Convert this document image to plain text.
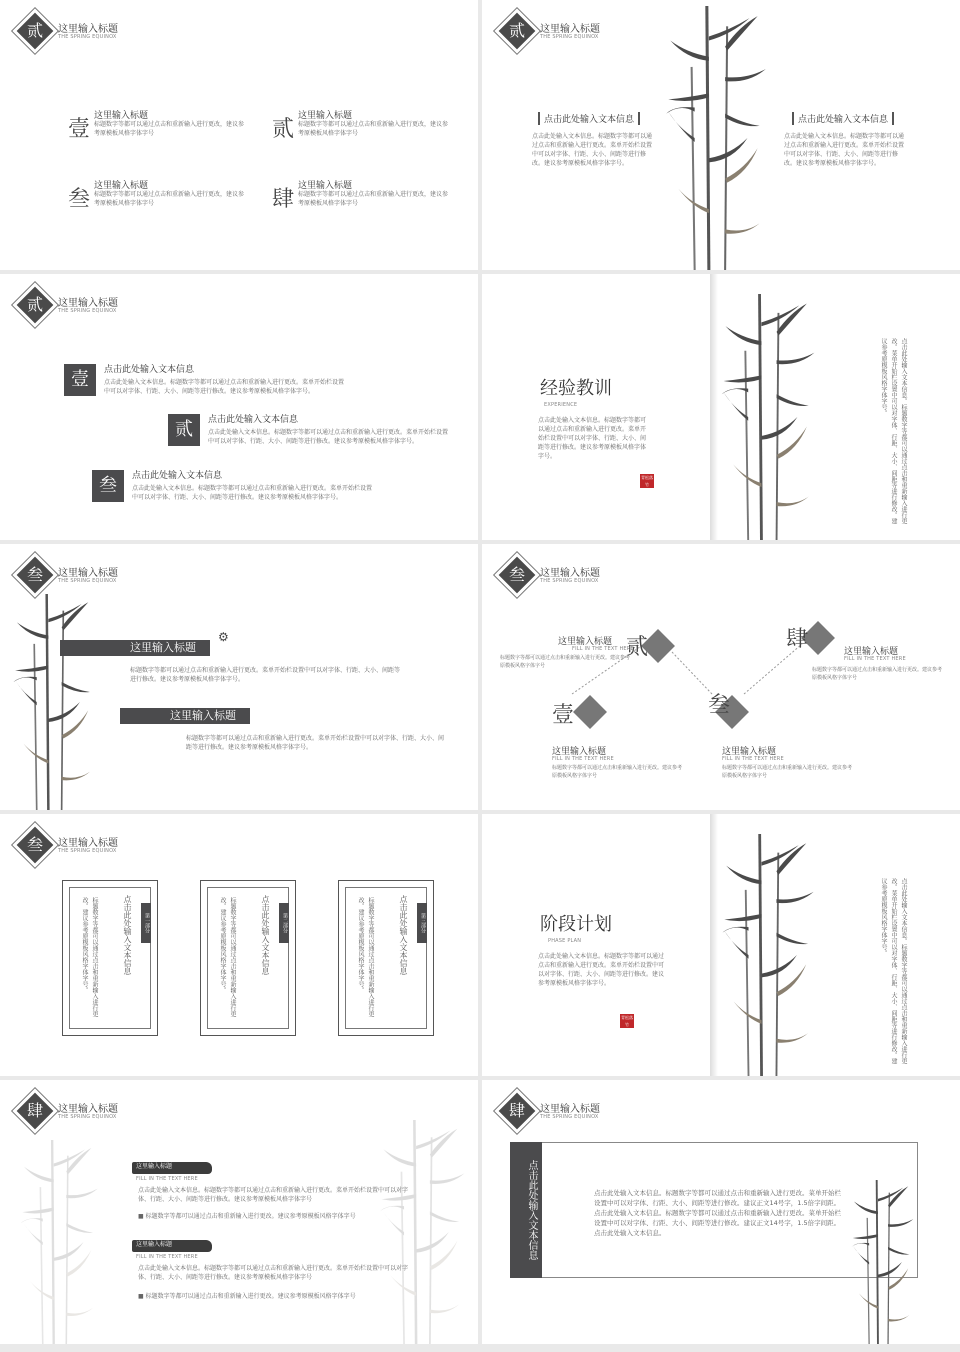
贰	这里输入标题
THE SPRING EQUINOX
壹
这里输入标题
标题数字等都可以通过点击和重新输入进行更改，建议参考原模板风格字体字号	贰
这里输入标题
标题数字等都可以通过点击和重新输入进行更改，建议参考原模板风格字体字号
叁
这里输入标题
标题数字等都可以通过点击和重新输入进行更改，建议参考原模板风格字体字号	肆
这里输入标题
标题数字等都可以通过点击和重新输入进行更改，建议参考原模板风格字体字号
贰	这里输入标题
THE SPRING EQUINOX
点击此处输入文本信息
点击此处输入文本信息。标题数字等都可以通过点击和重新输入进行更改。菜单开始栏设置中可以对字体、行距、大小、间距等进行修改。建议参考原模板风格字体字号。
点击此处输入文本信息
点击此处输入文本信息。标题数字等都可以通过点击和重新输入进行更改。菜单开始栏设置中可以对字体、行距、大小、间距等进行修改。建议参考原模板风格字体字号。
贰	这里输入标题
THE SPRING EQUINOX
壹	点击此处输入文本信息
点击此处输入文本信息。标题数字等都可以通过点击和重新输入进行更改。菜单开始栏设置中可以对字体、行距、大小、间距等进行修改。建议参考原模板风格字体字号。
贰	点击此处输入文本信息
点击此处输入文本信息。标题数字等都可以通过点击和重新输入进行更改。菜单开始栏设置中可以对字体、行距、大小、间距等进行修改。建议参考原模板风格字体字号。
叁	点击此处输入文本信息
点击此处输入文本信息。标题数字等都可以通过点击和重新输入进行更改。菜单开始栏设置中可以对字体、行距、大小、间距等进行修改。建议参考原模板风格字体字号。
经验教训
EXPERIENCE
点击此处输入文本信息。标题数字等都可以通过点击和重新输入进行更改。菜单开始栏设置中可以对字体、行距、大小、间距等进行修改。建议参考原模板风格字体字号。
青松落竹	点击此处输入文本信息。标题数字等都可以通过点击和重新输入进行更改。菜单开始栏设置中可以对字体、行距、大小、间距等进行修改。建议参考原模板风格字体字号。
叁	这里输入标题
THE SPRING EQUINOX
这里输入标题
⚙
标题数字等都可以通过点击和重新输入进行更改。菜单开始栏设置中可以对字体、行距、大小、间距等进行修改。建议参考原模板风格字体字号。
这里输入标题
标题数字等都可以通过点击和重新输入进行更改。菜单开始栏设置中可以对字体、行距、大小、间距等进行修改。建议参考原模板风格字体字号。
叁	这里输入标题
THE SPRING EQUINOX
壹
贰
叁
肆
这里输入标题
FILL IN THE TEXT HERE
标题数字等都可以通过点击和重新输入进行更改。建议参考原模板风格字体字号
这里输入标题
FILL IN THE TEXT HERE
标题数字等都可以通过点击和重新输入进行更改。建议参考原模板风格字体字号
这里输入标题
FILL IN THE TEXT HERE
标题数字等都可以通过点击和重新输入进行更改。建议参考原模板风格字体字号
这里输入标题
FILL IN THE TEXT HERE
标题数字等都可以通过点击和重新输入进行更改。建议参考原模板风格字体字号
叁	这里输入标题
THE SPRING EQUINOX
第一部分
点击此处输入文本信息
标题数字等都可以通过点击和重新输入进行更改。建议参考原模板风格字体字号。	第二部分
点击此处输入文本信息
标题数字等都可以通过点击和重新输入进行更改。建议参考原模板风格字体字号。	第三部分
点击此处输入文本信息
标题数字等都可以通过点击和重新输入进行更改。建议参考原模板风格字体字号。	阶段计划
PHASE PLAN
点击此处输入文本信息。标题数字等都可以通过点击和重新输入进行更改。菜单开始栏设置中可以对字体、行距、大小、间距等进行修改。建议参考原模板风格字体字号。
青松落竹	点击此处输入文本信息。标题数字等都可以通过点击和重新输入进行更改。菜单开始栏设置中可以对字体、行距、大小、间距等进行修改。建议参考原模板风格字体字号。
肆	这里输入标题
THE SPRING EQUINOX
这里输入标题
FILL IN THE TEXT HERE
点击此处输入文本信息。标题数字等都可以通过点击和重新输入进行更改。菜单开始栏设置中可以对字体、行距、大小、间距等进行修改。建议参考原模板风格字体字号
■ 标题数字等都可以通过点击和重新输入进行更改。建议参考原模板风格字体字号
这里输入标题
FILL IN THE TEXT HERE
点击此处输入文本信息。标题数字等都可以通过点击和重新输入进行更改。菜单开始栏设置中可以对字体、行距、大小、间距等进行修改。建议参考原模板风格字体字号
■ 标题数字等都可以通过点击和重新输入进行更改。建议参考原模板风格字体字号
肆	这里输入标题
THE SPRING EQUINOX
点击此处输入文本信息	点击此处输入文本信息。标题数字等都可以通过点击和重新输入进行更改。菜单开始栏设置中可以对字体、行距、大小、间距等进行修改。建议正文14号字，1.5倍字间距。点击此处输入文本信息。标题数字等都可以通过点击和重新输入进行更改。菜单开始栏设置中可以对字体、行距、大小、间距等进行修改。建议正文14号字，1.5倍字间距。点击此处输入文本信息。
